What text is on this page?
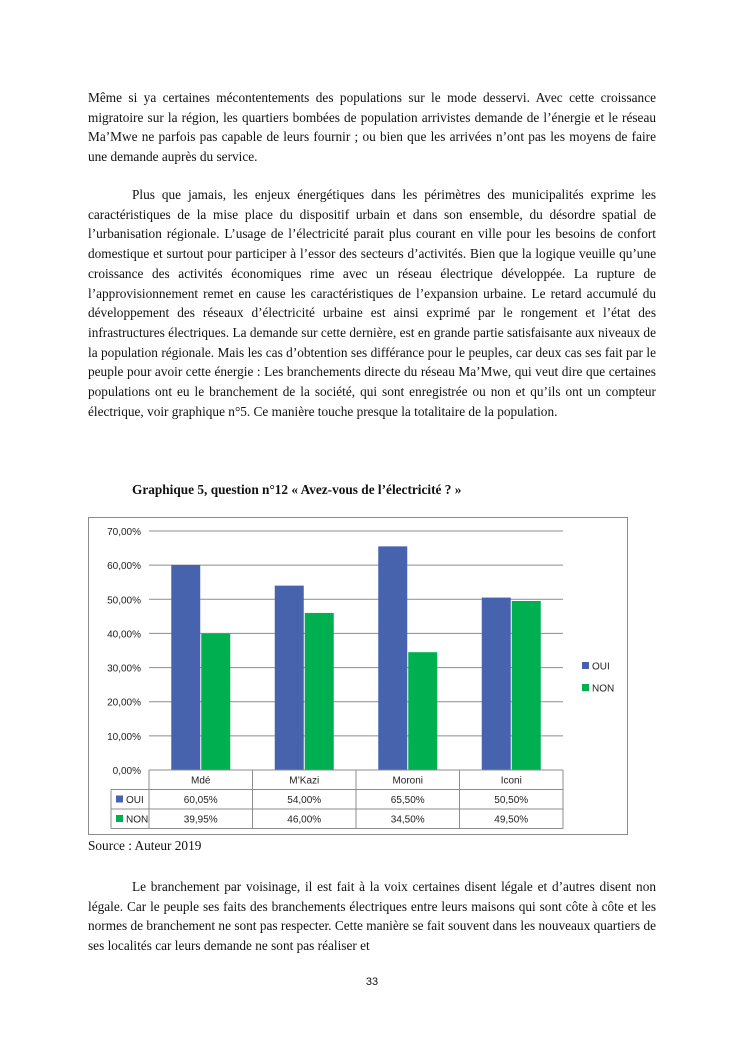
Même si ya certaines mécontentements des populations sur le mode desservi. Avec cette croissance migratoire sur la région, les quartiers bombées de population arrivistes demande de l’énergie et le réseau Ma’Mwe ne parfois pas capable de leurs fournir ; ou bien que les arrivées n’ont pas les moyens de faire une demande auprès du service.

Plus que jamais, les enjeux énergétiques dans les périmètres des municipalités exprime les caractéristiques de la mise place du dispositif urbain et dans son ensemble, du désordre spatial de l’urbanisation régionale. L’usage de l’électricité parait plus courant en ville pour les besoins de confort domestique et surtout pour participer à l’essor des secteurs d’activités. Bien que la logique veuille qu’une croissance des activités économiques rime avec un réseau électrique développée. La rupture de l’approvisionnement remet en cause les caractéristiques de l’expansion urbaine. Le retard accumulé du développement des réseaux d’électricité urbaine est ainsi exprimé par le rongement et l’état des infrastructures électriques. La demande sur cette dernière, est en grande partie satisfaisante aux niveaux de la population régionale. Mais les cas d’obtention ses différance pour le peuples, car deux cas ses fait par le peuple pour avoir cette énergie : Les branchements directe du réseau Ma’Mwe, qui veut dire que certaines populations ont eu le branchement de la société, qui sont enregistrée ou non et qu’ils ont un compteur électrique, voir graphique n°5. Ce manière touche presque la totalitaire de la population.

Graphique 5, question n°12 « Avez-vous de l’électricité ? »
0,00%
10,00%
20,00%
30,00%
40,00%
50,00%
60,00%
70,00%
Mdé	M’Kazi	Moroni	Iconi
OUI	60,05%	54,00%	65,50%	50,50%
NON	39,95%	46,00%	34,50%	49,50%
OUI
NON
Source : Auteur 2019

Le branchement par voisinage, il est fait à la voix certaines disent légale et d’autres disent non légale. Car le peuple ses faits des branchements électriques entre leurs maisons qui sont côte à côte et les normes de branchement ne sont pas respecter. Cette manière se fait souvent dans les nouveaux quartiers de ses localités car leurs demande ne sont pas réaliser et

33
